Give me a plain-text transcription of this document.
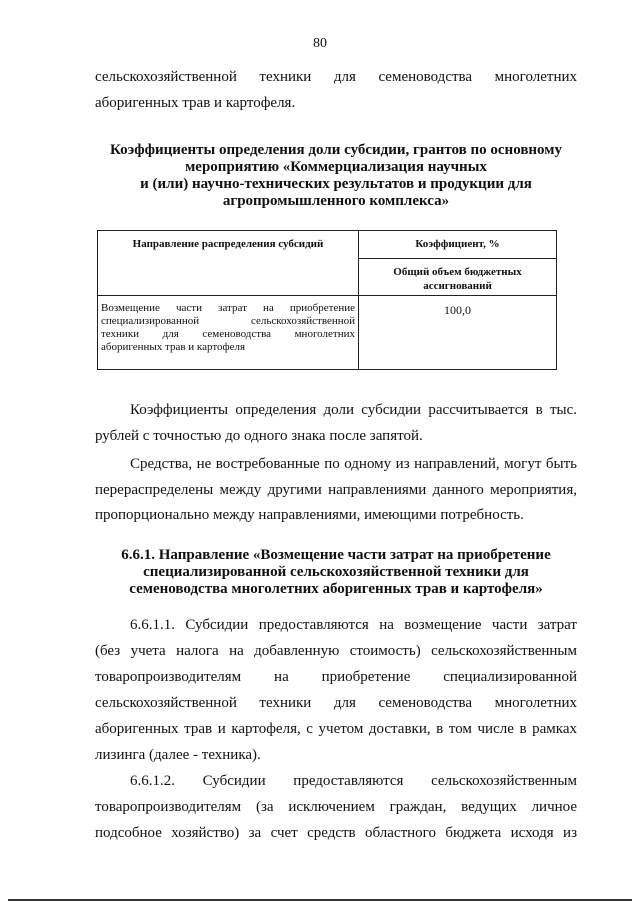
80
сельскохозяйственной техники для семеноводства многолетних
аборигенных трав и картофеля.
Коэффициенты определения доли субсидии, грантов по основному
мероприятию «Коммерциализация научных
и (или) научно-технических результатов и продукции для
агропромышленного комплекса»
Направление распределения субсидий	Коэффициент, %
	Общий объем бюджетных
ассигнований

Возмещение части затрат на приобретение
специализированной сельскохозяйственной
техники для семеноводства многолетних
аборигенных трав и картофеля	100,0
Коэффициенты определения доли субсидии рассчитывается в тыс.
рублей с точностью до одного знака после запятой.
Средства, не востребованные по одному из направлений, могут быть
перераспределены между другими направлениями данного мероприятия,
пропорционально между направлениями, имеющими потребность.
6.6.1. Направление «Возмещение части затрат на приобретение
специализированной сельскохозяйственной техники для
семеноводства многолетних аборигенных трав и картофеля»
6.6.1.1. Субсидии предоставляются на возмещение части затрат
(без учета налога на добавленную стоимость) сельскохозяйственным
товаропроизводителям на приобретение специализированной
сельскохозяйственной техники для семеноводства многолетних
аборигенных трав и картофеля, с учетом доставки, в том числе в рамках
лизинга (далее - техника).
6.6.1.2. Субсидии предоставляются сельскохозяйственным
товаропроизводителям (за исключением граждан, ведущих личное
подсобное хозяйство) за счет средств областного бюджета исходя из
